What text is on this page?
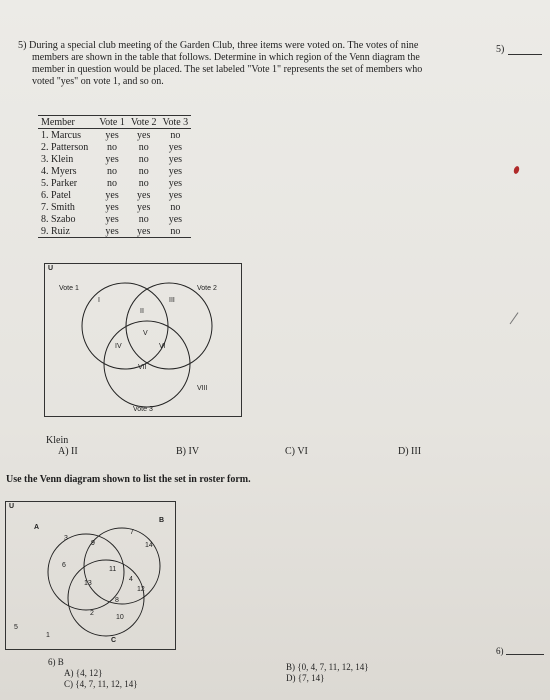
5) During a special club meeting of the Garden Club, three items were voted on. The votes of nine
members are shown in the table that follows. Determine in which region of the Venn diagram the
member in question would be placed. The set labeled "Vote 1" represents the set of members who
voted "yes" on vote 1, and so on.
5)
Member	Vote 1	Vote 2	Vote 3
1. Marcus	yes	yes	no
2. Patterson	no	no	yes
3. Klein	yes	no	yes
4. Myers	no	no	yes
5. Parker	no	no	yes
6. Patel	yes	yes	yes
7. Smith	yes	yes	no
8. Szabo	yes	no	yes
9. Ruiz	yes	yes	no
U
Vote 1	Vote 2
Vote 3
I
II
III
IV
V
VI
VII
VIII
Klein
A) II	B) IV	C) VI	D) III
Use the Venn diagram shown to list the set in roster form.
U
A
B
C
3
9
7
14
6
11
13
4
12
8
2
10
5
1
6) B
A) {4, 12}
C) {4, 7, 11, 12, 14}
B) {0, 4, 7, 11, 12, 14}
D) {7, 14}
6)
